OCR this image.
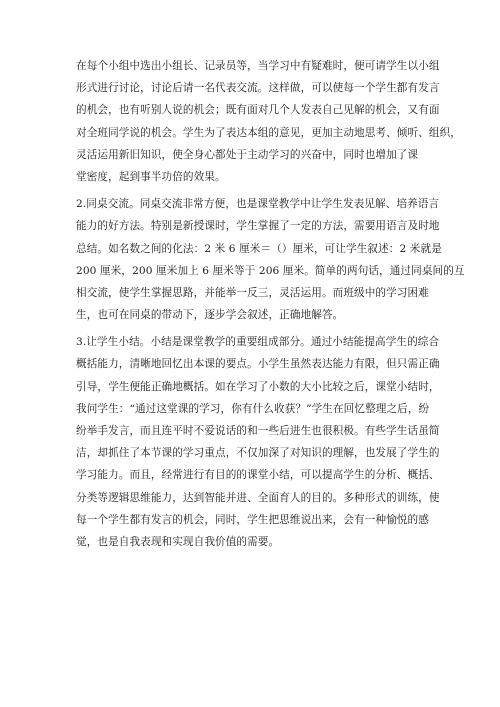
在每个小组中选出小组长、记录员等，当学习中有疑难时，便可请学生以小组
形式进行讨论，讨论后请一名代表交流。这样做，可以使每一个学生都有发言
的机会，也有听别人说的机会；既有面对几个人发表自己见解的机会，又有面
对全班同学说的机会。学生为了表达本组的意见，更加主动地思考、倾听、组织，
灵活运用新旧知识，使全身心都处于主动学习的兴奋中，同时也增加了课
堂密度，起到事半功倍的效果。
2.同桌交流。同桌交流非常方便，也是课堂教学中让学生发表见解、培养语言
能力的好方法。特别是新授课时，学生掌握了一定的方法，需要用语言及时地
总结。如名数之间的化法：2 米 6 厘米＝（）厘米，可让学生叙述：2 米就是
200 厘米，200 厘米加上 6 厘米等于 206 厘米。简单的两句话，通过同桌间的互
相交流，使学生掌握思路，并能举一反三，灵活运用。而班级中的学习困难
生，也可在同桌的带动下，逐步学会叙述，正确地解答。
3.让学生小结。小结是课堂教学的重要组成部分。通过小结能提高学生的综合
概括能力，清晰地回忆出本课的要点。小学生虽然表达能力有限，但只需正确
引导，学生便能正确地概括。如在学习了小数的大小比较之后，课堂小结时，
我问学生：“通过这堂课的学习，你有什么收获？”学生在回忆整理之后，纷
纷举手发言，而且连平时不爱说话的和一些后进生也很积极。有些学生话虽简
洁，却抓住了本节课的学习重点，不仅加深了对知识的理解，也发展了学生的
学习能力。而且，经常进行有目的的课堂小结，可以提高学生的分析、概括、
分类等逻辑思维能力，达到智能并进、全面育人的目的。多种形式的训练，使
每一个学生都有发言的机会，同时，学生把思维说出来，会有一种愉悦的感
觉，也是自我表现和实现自我价值的需要。
